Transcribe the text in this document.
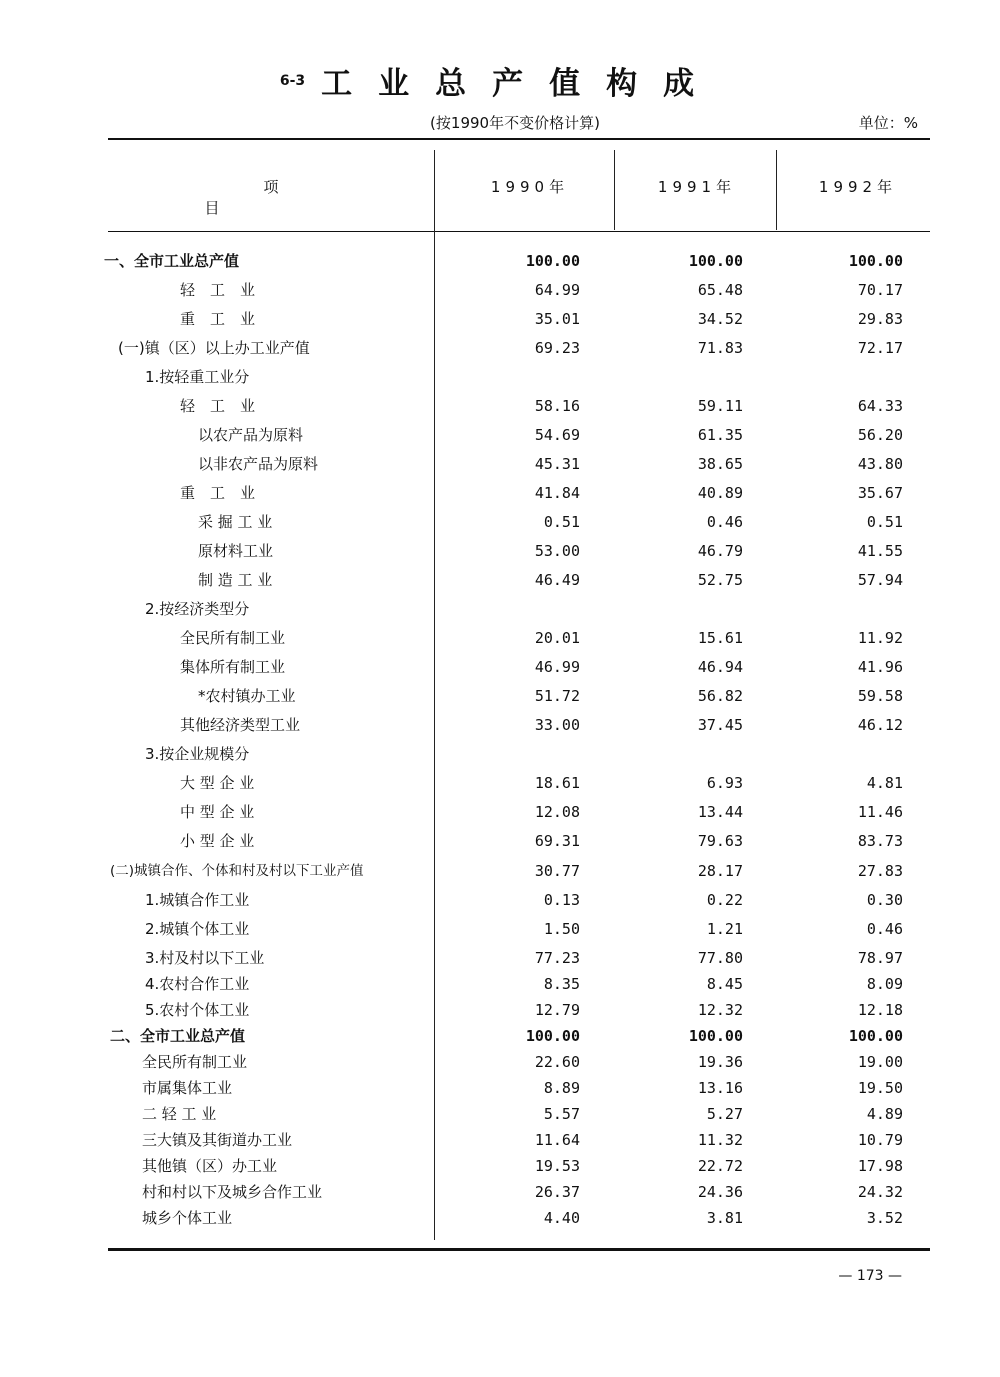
6-3 工业总产值构成
(按1990年不变价格计算)	单位：%
项目
1990年	1991年	1992年
一、全市工业总产值	100.00	100.00	100.00
轻　工　业	64.99	65.48	70.17
重　工　业	35.01	34.52	29.83
(一)镇（区）以上办工业产值	69.23	71.83	72.17
1.按轻重工业分
轻　工　业	58.16	59.11	64.33
以农产品为原料	54.69	61.35	56.20
以非农产品为原料	45.31	38.65	43.80
重　工　业	41.84	40.89	35.67
采 掘 工 业	0.51	0.46	0.51
原材料工业	53.00	46.79	41.55
制 造 工 业	46.49	52.75	57.94
2.按经济类型分
全民所有制工业	20.01	15.61	11.92
集体所有制工业	46.99	46.94	41.96
*农村镇办工业	51.72	56.82	59.58
其他经济类型工业	33.00	37.45	46.12
3.按企业规模分
大 型 企 业	18.61	6.93	4.81
中 型 企 业	12.08	13.44	11.46
小 型 企 业	69.31	79.63	83.73
(二)城镇合作、个体和村及村以下工业产值	30.77	28.17	27.83
1.城镇合作工业	0.13	0.22	0.30
2.城镇个体工业	1.50	1.21	0.46
3.村及村以下工业	77.23	77.80	78.97
4.农村合作工业	8.35	8.45	8.09
5.农村个体工业	12.79	12.32	12.18
二、全市工业总产值	100.00	100.00	100.00
全民所有制工业	22.60	19.36	19.00
市属集体工业	8.89	13.16	19.50
二 轻 工 业	5.57	5.27	4.89
三大镇及其街道办工业	11.64	11.32	10.79
其他镇（区）办工业	19.53	22.72	17.98
村和村以下及城乡合作工业	26.37	24.36	24.32
城乡个体工业	4.40	3.81	3.52
— 173 —
